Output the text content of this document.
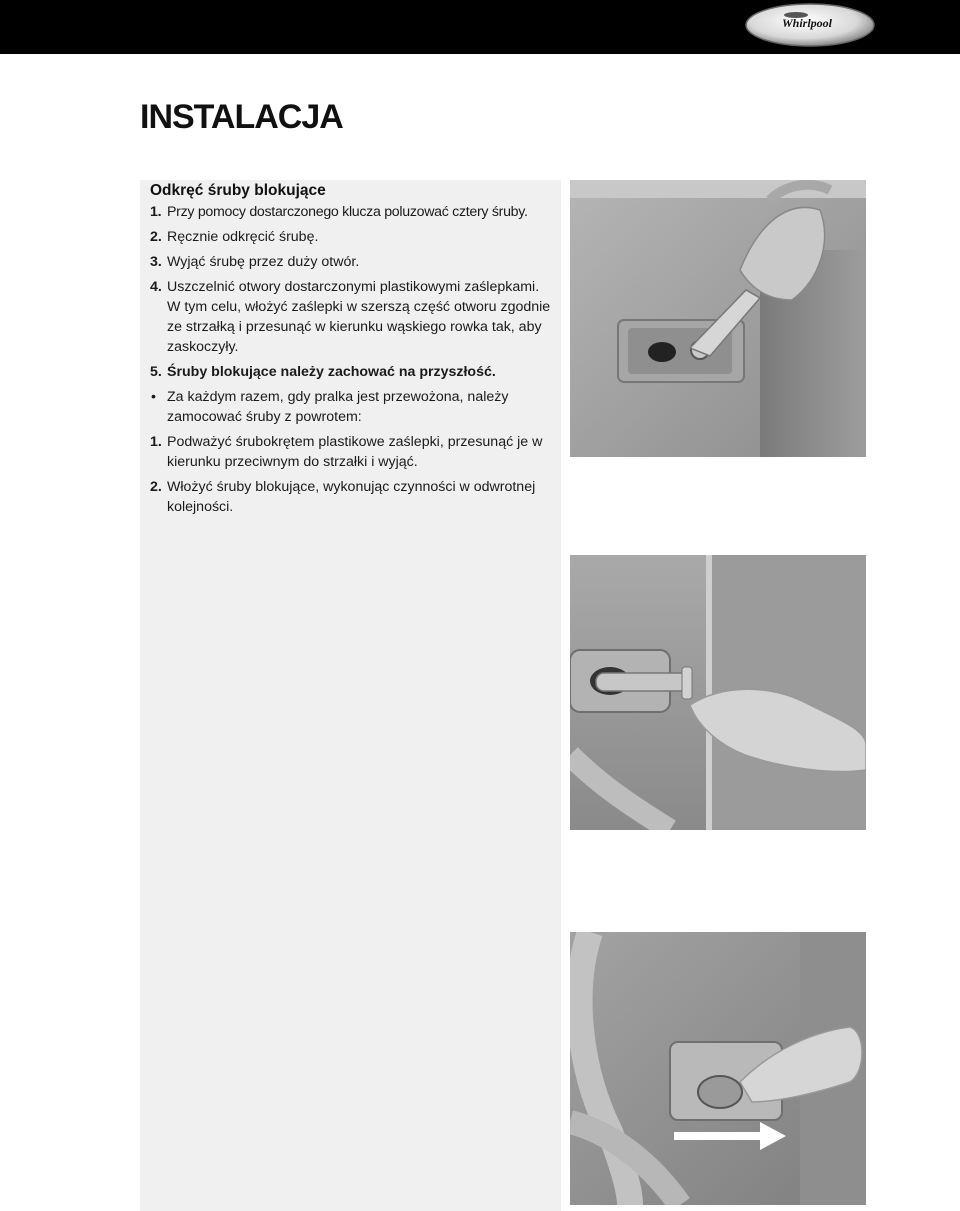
Whirlpool
INSTALACJA
Odkręć śruby blokujące
1. Przy pomocy dostarczonego klucza poluzować cztery śruby.
2. Ręcznie odkręcić śrubę.
3. Wyjąć śrubę przez duży otwór.
4. Uszczelnić otwory dostarczonymi plastikowymi zaślepkami. W tym celu, włożyć zaślepki w szerszą część otworu zgodnie ze strzałką i przesunąć w kierunku wąskiego rowka tak, aby zaskoczyły.
5. Śruby blokujące należy zachować na przyszłość.
• Za każdym razem, gdy pralka jest przewożona, należy zamocować śruby z powrotem:
1. Podważyć śrubokrętem plastikowe zaślepki, przesunąć je w kierunku przeciwnym do strzałki i wyjąć.
2. Włożyć śruby blokujące, wykonując czynności w odwrotnej kolejności.
